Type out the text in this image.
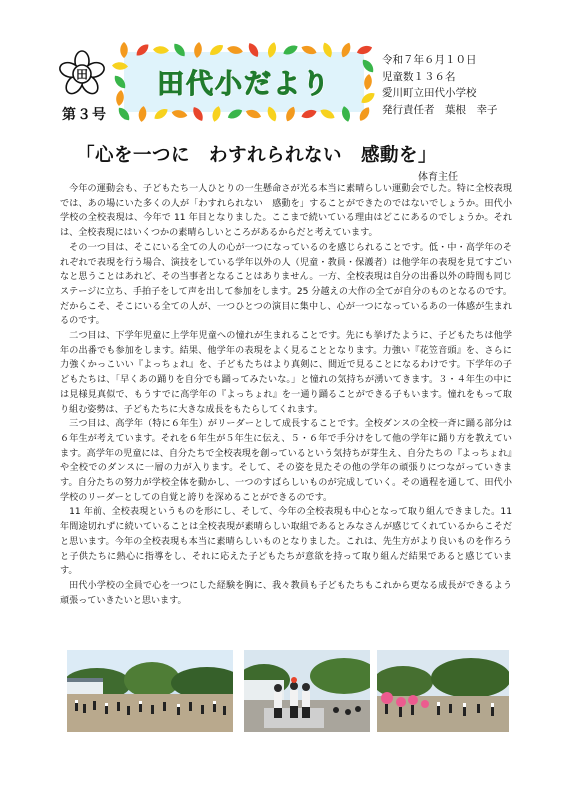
田
第３号
田代小だより
令和７年６月１０日
児童数１３６名
愛川町立田代小学校
発行責任者　葉根　幸子
「心を一つに　わすれられない　感動を」
体育主任

今年の運動会も、子どもたち一人ひとりの一生懸命さが光る本当に素晴らしい運動会でした。特に全校表現では、あの場にいた多くの人が「わすれられない　感動を」することができたのではないでしょうか。田代小学校の全校表現は、今年で 11 年目となりました。ここまで続いている理由はどこにあるのでしょうか。それは、全校表現にはいくつかの素晴らしいところがあるからだと考えています。

その一つ目は、そこにいる全ての人の心が一つになっているのを感じられることです。低・中・高学年のそれぞれで表現を行う場合、演技をしている学年以外の人（児童・教員・保護者）は他学年の表現を見てすごいなと思うことはあれど、その当事者となることはありません。一方、全校表現は自分の出番以外の時間も同じステージに立ち、手拍子をして声を出して参加をします。25 分越えの大作の全てが自分のものとなるのです。だからこそ、そこにいる全ての人が、一つひとつの演目に集中し、心が一つになっているあの一体感が生まれるのです。

二つ目は、下学年児童に上学年児童への憧れが生まれることです。先にも挙げたように、子どもたちは他学年の出番でも参加をします。結果、他学年の表現をよく見ることとなります。力強い『花笠音頭』を、さらに力強くかっこいい『よっちょれ』を、子どもたちはより真剣に、間近で見ることになるわけです。下学年の子どもたちは、「早くあの踊りを自分でも踊ってみたいな。」と憧れの気持ちが湧いてきます。３・４年生の中には見様見真似で、もうすでに高学年の『よっちょれ』を一通り踊ることができる子もいます。憧れをもって取り組む姿勢は、子どもたちに大きな成長をもたらしてくれます。

三つ目は、高学年（特に６年生）がリーダーとして成長することです。全校ダンスの全校一斉に踊る部分は６年生が考えています。それを６年生が５年生に伝え、５・６年で手分けをして他の学年に踊り方を教えています。高学年の児童には、自分たちで全校表現を創っているという気持ちが芽生え、自分たちの『よっちょれ』や全校でのダンスに一層の力が入ります。そして、その姿を見たその他の学年の頑張りにつながっていきます。自分たちの努力が学校全体を動かし、一つのすばらしいものが完成していく。その過程を通して、田代小学校のリーダーとしての自覚と誇りを深めることができるのです。

11 年前、全校表現というものを形にし、そして、今年の全校表現も中心となって取り組んできました。11 年間途切れずに続いていることは全校表現が素晴らしい取組であるとみなさんが感じてくれているからこそだと思います。今年の全校表現も本当に素晴らしいものとなりました。これは、先生方がより良いものを作ろうと子供たちに熱心に指導をし、それに応えた子どもたちが意欲を持って取り組んだ結果であると感じています。

田代小学校の全員で心を一つにした経験を胸に、我々教員も子どもたちもこれから更なる成長ができるよう頑張っていきたいと思います。
